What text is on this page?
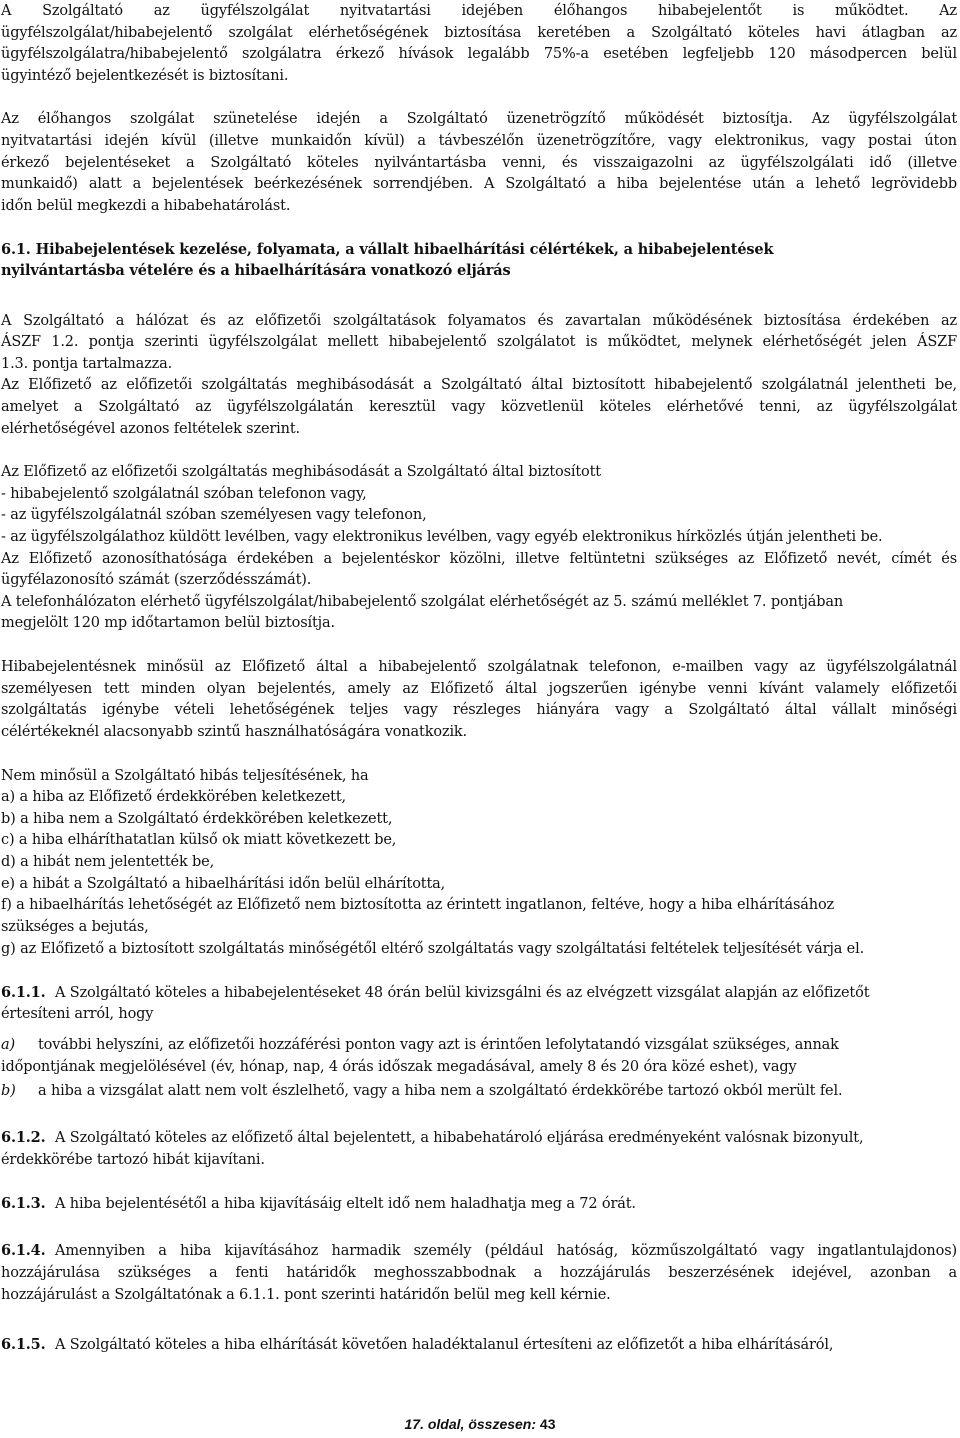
A Szolgáltató az ügyfélszolgálat nyitvatartási idejében élőhangos hibabejelentőt is működtet. Az
ügyfélszolgálat/hibabejelentő szolgálat elérhetőségének biztosítása keretében a Szolgáltató köteles havi átlagban az
ügyfélszolgálatra/hibabejelentő szolgálatra érkező hívások legalább 75%-a esetében legfeljebb 120 másodpercen belül
ügyintéző bejelentkezését is biztosítani.
Az élőhangos szolgálat szünetelése idején a Szolgáltató üzenetrögzítő működését biztosítja. Az ügyfélszolgálat
nyitvatartási idején kívül (illetve munkaidőn kívül) a távbeszélőn üzenetrögzítőre, vagy elektronikus, vagy postai úton
érkező bejelentéseket a Szolgáltató köteles nyilvántartásba venni, és visszaigazolni az ügyfélszolgálati idő (illetve
munkaidő) alatt a bejelentések beérkezésének sorrendjében. A Szolgáltató a hiba bejelentése után a lehető legrövidebb
időn belül megkezdi a hibabehatárolást.
6.1. Hibabejelentések kezelése, folyamata, a vállalt hibaelhárítási célértékek, a hibabejelentések
nyilvántartásba vételére és a hibaelhárítására vonatkozó eljárás
A Szolgáltató a hálózat és az előfizetői szolgáltatások folyamatos és zavartalan működésének biztosítása érdekében az
ÁSZF 1.2. pontja szerinti ügyfélszolgálat mellett hibabejelentő szolgálatot is működtet, melynek elérhetőségét jelen ÁSZF
1.3. pontja tartalmazza.
Az Előfizető az előfizetői szolgáltatás meghibásodását a Szolgáltató által biztosított hibabejelentő szolgálatnál jelentheti be,
amelyet a Szolgáltató az ügyfélszolgálatán keresztül vagy közvetlenül köteles elérhetővé tenni, az ügyfélszolgálat
elérhetőségével azonos feltételek szerint.
Az Előfizető az előfizetői szolgáltatás meghibásodását a Szolgáltató által biztosított
- hibabejelentő szolgálatnál szóban telefonon vagy,
- az ügyfélszolgálatnál szóban személyesen vagy telefonon,
- az ügyfélszolgálathoz küldött levélben, vagy elektronikus levélben, vagy egyéb elektronikus hírközlés útján jelentheti be.
Az Előfizető azonosíthatósága érdekében a bejelentéskor közölni, illetve feltüntetni szükséges az Előfizető nevét, címét és
ügyfélazonosító számát (szerződésszámát).
A telefonhálózaton elérhető ügyfélszolgálat/hibabejelentő szolgálat elérhetőségét az 5. számú melléklet 7. pontjában
megjelölt 120 mp időtartamon belül biztosítja.
Hibabejelentésnek minősül az Előfizető által a hibabejelentő szolgálatnak telefonon, e-mailben vagy az ügyfélszolgálatnál
személyesen tett minden olyan bejelentés, amely az Előfizető által jogszerűen igénybe venni kívánt valamely előfizetői
szolgáltatás igénybe vételi lehetőségének teljes vagy részleges hiányára vagy a Szolgáltató által vállalt minőségi
célértékeknél alacsonyabb szintű használhatóságára vonatkozik.
Nem minősül a Szolgáltató hibás teljesítésének, ha
a) a hiba az Előfizető érdekkörében keletkezett,
b) a hiba nem a Szolgáltató érdekkörében keletkezett,
c) a hiba elháríthatatlan külső ok miatt következett be,
d) a hibát nem jelentették be,
e) a hibát a Szolgáltató a hibaelhárítási időn belül elhárította,
f) a hibaelhárítás lehetőségét az Előfizető nem biztosította az érintett ingatlanon, feltéve, hogy a hiba elhárításához
szükséges a bejutás,
g) az Előfizető a biztosított szolgáltatás minőségétől eltérő szolgáltatás vagy szolgáltatási feltételek teljesítését várja el.
6.1.1. A Szolgáltató köteles a hibabejelentéseket 48 órán belül kivizsgálni és az elvégzett vizsgálat alapján az előfizetőt
értesíteni arról, hogy
a) további helyszíni, az előfizetői hozzáférési ponton vagy azt is érintően lefolytatandó vizsgálat szükséges, annak
időpontjának megjelölésével (év, hónap, nap, 4 órás időszak megadásával, amely 8 és 20 óra közé eshet), vagy
b) a hiba a vizsgálat alatt nem volt észlelhető, vagy a hiba nem a szolgáltató érdekkörébe tartozó okból merült fel.
6.1.2. A Szolgáltató köteles az előfizető által bejelentett, a hibabehatároló eljárása eredményeként valósnak bizonyult,
érdekkörébe tartozó hibát kijavítani.
6.1.3. A hiba bejelentésétől a hiba kijavításáig eltelt idő nem haladhatja meg a 72 órát.
6.1.4. Amennyiben a hiba kijavításához harmadik személy (például hatóság, közműszolgáltató vagy ingatlantulajdonos)
hozzájárulása szükséges a fenti határidők meghosszabbodnak a hozzájárulás beszerzésének idejével, azonban a
hozzájárulást a Szolgáltatónak a 6.1.1. pont szerinti határidőn belül meg kell kérnie.
6.1.5. A Szolgáltató köteles a hiba elhárítását követően haladéktalanul értesíteni az előfizetőt a hiba elhárításáról,
17. oldal, összesen: 43
